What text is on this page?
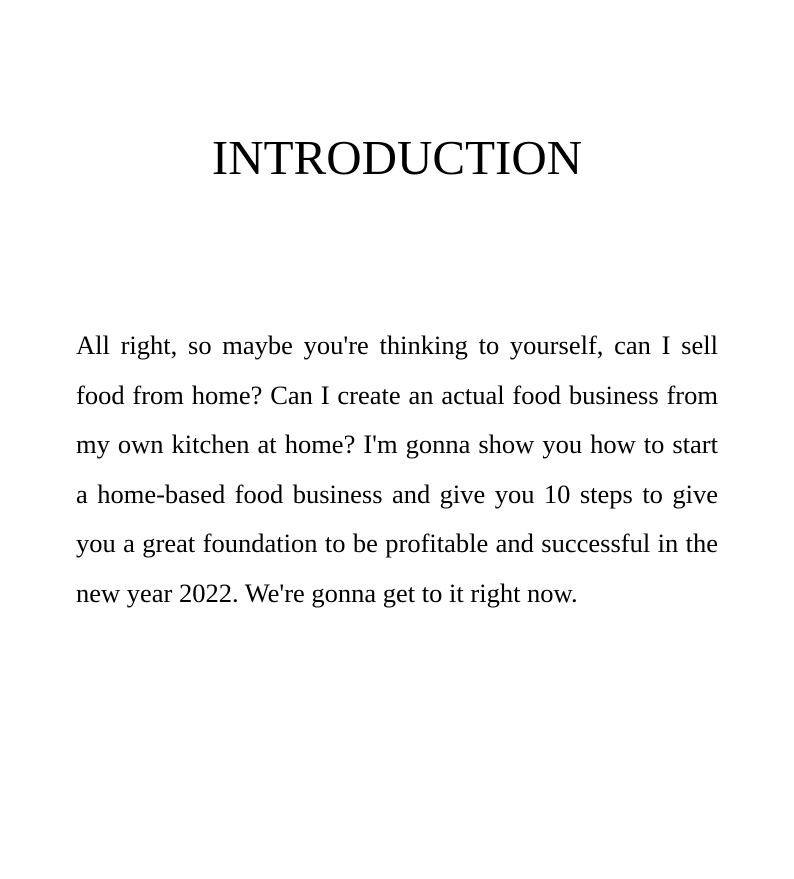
INTRODUCTION

All right, so maybe you're thinking to yourself, can I sell food from home? Can I create an actual food business from my own kitchen at home? I'm gonna show you how to start a home-based food business and give you 10 steps to give you a great foundation to be profitable and successful in the new year 2022. We're gonna get to it right now.
